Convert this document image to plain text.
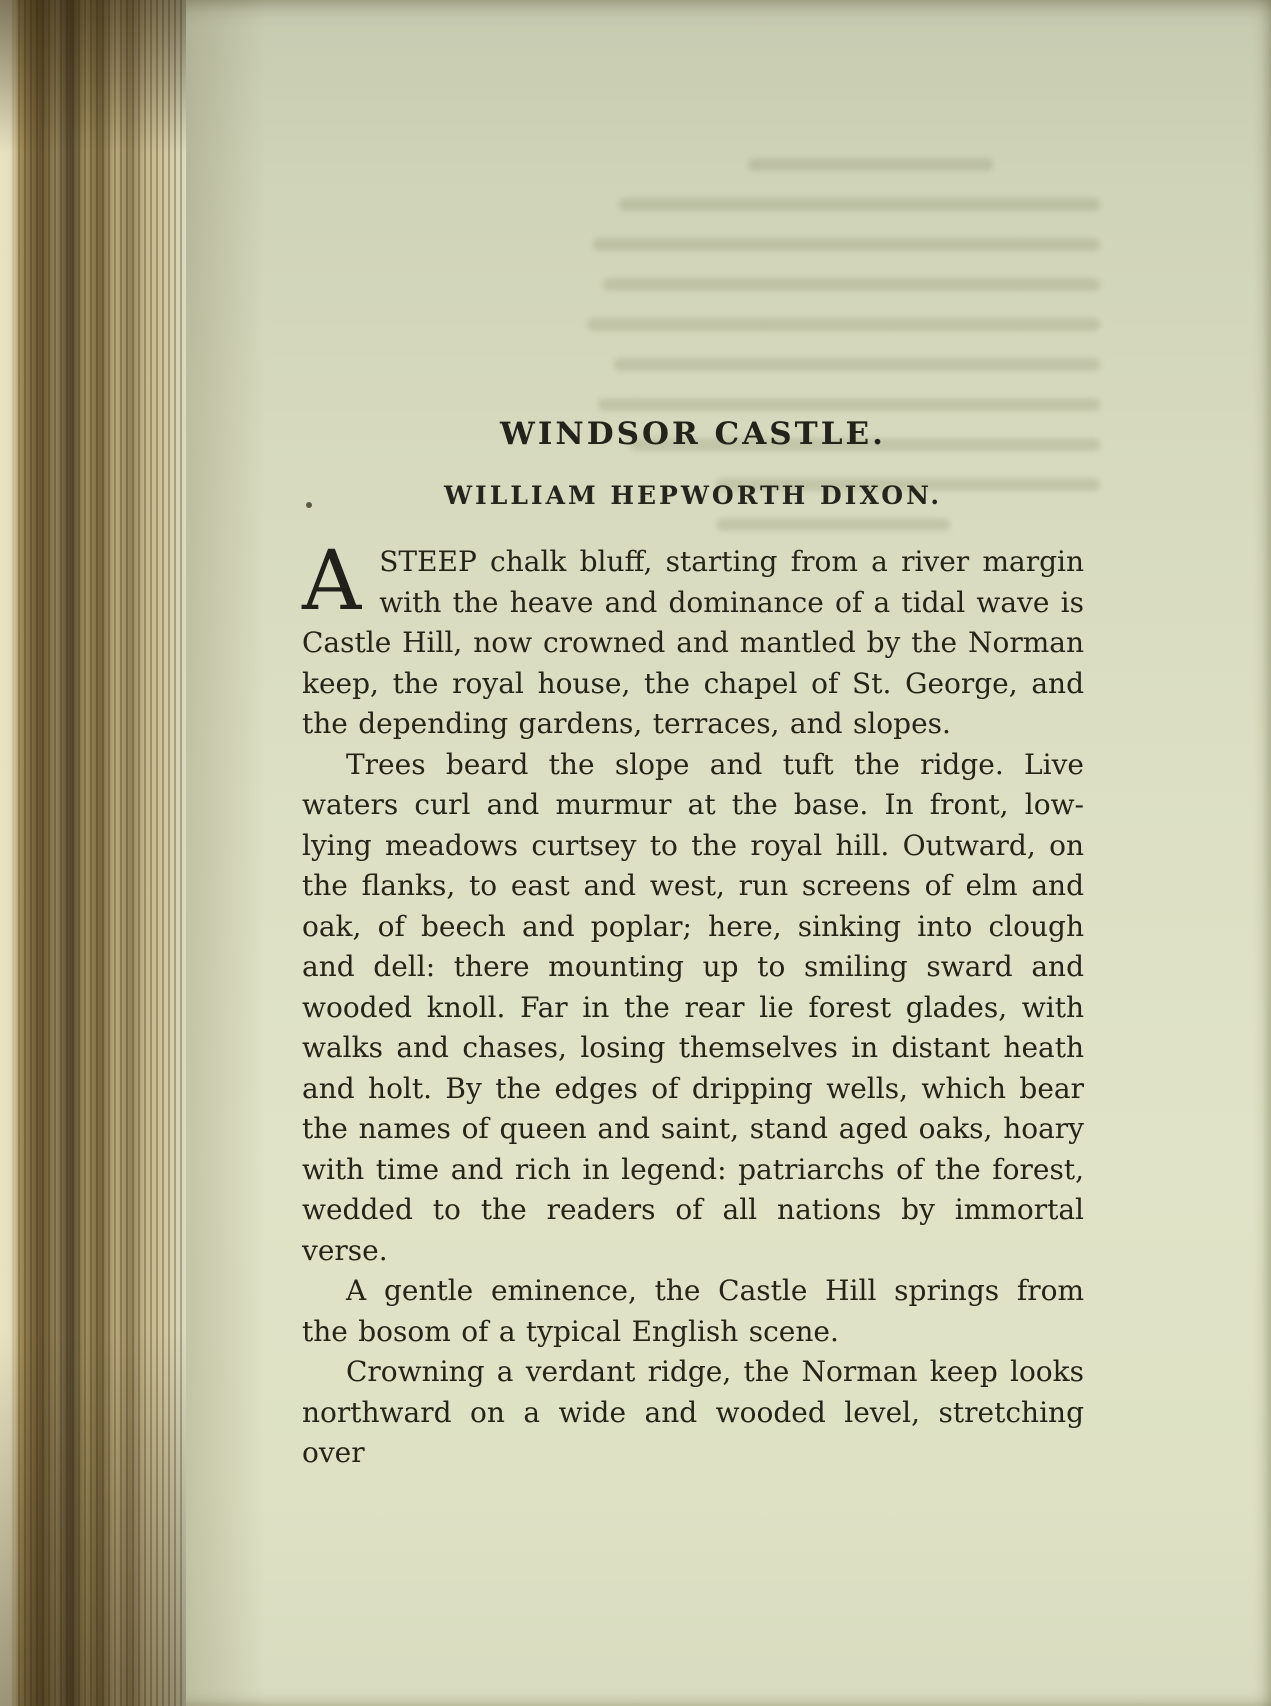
WINDSOR CASTLE.
WILLIAM HEPWORTH DIXON.

ASTEEP chalk bluff, starting from a river margin with the heave and dominance of a tidal wave is Castle Hill, now crowned and mantled by the Norman keep, the royal house, the chapel of St. George, and the depending gardens, terraces, and slopes.

Trees beard the slope and tuft the ridge. Live waters curl and murmur at the base. In front, low-lying meadows curtsey to the royal hill. Outward, on the flanks, to east and west, run screens of elm and oak, of beech and poplar; here, sinking into clough and dell: there mounting up to smiling sward and wooded knoll. Far in the rear lie forest glades, with walks and chases, losing themselves in distant heath and holt. By the edges of dripping wells, which bear the names of queen and saint, stand aged oaks, hoary with time and rich in legend: patriarchs of the forest, wedded to the readers of all nations by immortal verse.

A gentle eminence, the Castle Hill springs from the bosom of a typical English scene.

Crowning a verdant ridge, the Norman keep looks northward on a wide and wooded level, stretching over
